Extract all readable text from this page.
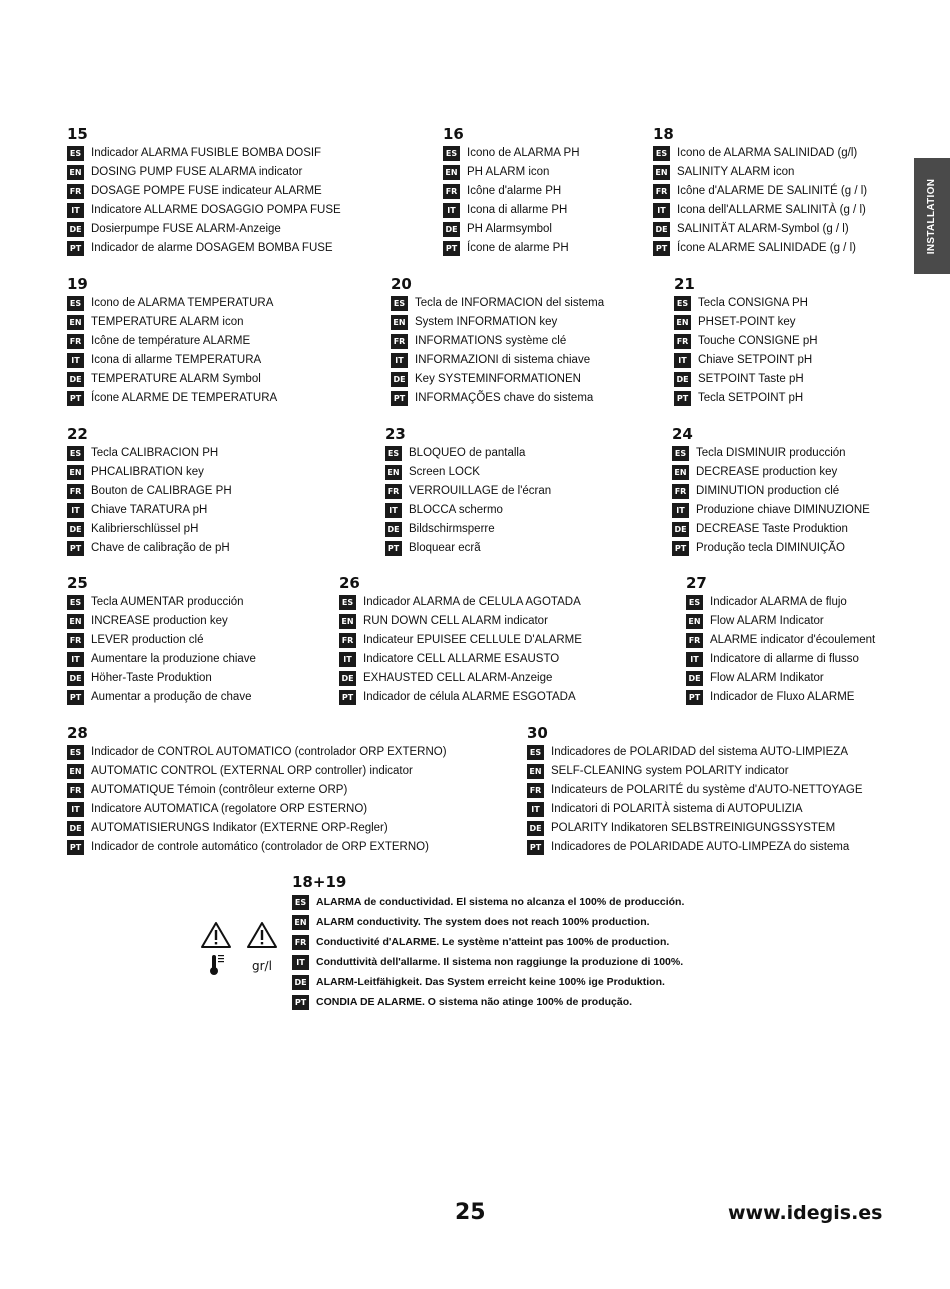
INSTALLATION
15
ES Indicador ALARMA FUSIBLE BOMBA DOSIF
EN DOSING PUMP FUSE ALARMA indicator
FR DOSAGE POMPE FUSE indicateur ALARME
IT Indicatore ALLARME DOSAGGIO POMPA FUSE
DE Dosierpumpe FUSE ALARM-Anzeige
PT Indicador de alarme DOSAGEM BOMBA FUSE
16
ES Icono de ALARMA PH
EN PH ALARM icon
FR Icône d'alarme PH
IT Icona di allarme PH
DE PH Alarmsymbol
PT Ícone de alarme PH
18
ES Icono de ALARMA SALINIDAD (g/l)
EN SALINITY ALARM icon
FR Icône d'ALARME DE SALINITÉ (g / l)
IT Icona dell'ALLARME SALINITÀ (g / l)
DE SALINITÄT ALARM-Symbol (g / l)
PT Ícone ALARME SALINIDADE (g / l)
19
ES Icono de ALARMA TEMPERATURA
EN TEMPERATURE ALARM icon
FR Icône de température ALARME
IT Icona di allarme TEMPERATURA
DE TEMPERATURE ALARM Symbol
PT Ícone ALARME DE TEMPERATURA
20
ES Tecla de INFORMACION del sistema
EN System INFORMATION key
FR INFORMATIONS système clé
IT INFORMAZIONI di sistema chiave
DE Key SYSTEMINFORMATIONEN
PT INFORMAÇÕES chave do sistema
21
ES Tecla CONSIGNA PH
EN PHSET-POINT key
FR Touche CONSIGNE pH
IT Chiave SETPOINT pH
DE SETPOINT Taste pH
PT Tecla SETPOINT pH
22
ES Tecla CALIBRACION PH
EN PHCALIBRATION key
FR Bouton de CALIBRAGE PH
IT Chiave TARATURA pH
DE Kalibrierschlüssel pH
PT Chave de calibração de pH
23
ES BLOQUEO de pantalla
EN Screen LOCK
FR VERROUILLAGE de l'écran
IT BLOCCA schermo
DE Bildschirmsperre
PT Bloquear ecrã
24
ES Tecla DISMINUIR producción
EN DECREASE production key
FR DIMINUTION production clé
IT Produzione chiave DIMINUZIONE
DE DECREASE Taste Produktion
PT Produção tecla DIMINUIÇÃO
25
ES Tecla AUMENTAR producción
EN INCREASE production key
FR LEVER production clé
IT Aumentare la produzione chiave
DE Höher-Taste Produktion
PT Aumentar a produção de chave
26
ES Indicador ALARMA de CELULA AGOTADA
EN RUN DOWN CELL ALARM indicator
FR Indicateur EPUISEE CELLULE D'ALARME
IT Indicatore CELL ALLARME ESAUSTO
DE EXHAUSTED CELL ALARM-Anzeige
PT Indicador de célula ALARME ESGOTADA
27
ES Indicador ALARMA de flujo
EN Flow ALARM Indicator
FR ALARME indicator d'écoulement
IT Indicatore di allarme di flusso
DE Flow ALARM Indikator
PT Indicador de Fluxo ALARME
28
ES Indicador de CONTROL AUTOMATICO (controlador ORP EXTERNO)
EN AUTOMATIC CONTROL (EXTERNAL ORP controller) indicator
FR AUTOMATIQUE Témoin (contrôleur externe ORP)
IT Indicatore AUTOMATICA (regolatore ORP ESTERNO)
DE AUTOMATISIERUNGS Indikator (EXTERNE ORP-Regler)
PT Indicador de controle automático (controlador de ORP EXTERNO)
30
ES Indicadores de POLARIDAD del sistema AUTO-LIMPIEZA
EN SELF-CLEANING system POLARITY indicator
FR Indicateurs de POLARITÉ du système d'AUTO-NETTOYAGE
IT Indicatori di POLARITÀ sistema di AUTOPULIZIA
DE POLARITY Indikatoren SELBSTREINIGUNGSSYSTEM
PT Indicadores de POLARIDADE AUTO-LIMPEZA do sistema
18+19
ES ALARMA de conductividad. El sistema no alcanza el 100% de producción.
EN ALARM conductivity. The system does not reach 100% production.
FR Conductivité d'ALARME. Le système n'atteint pas 100% de production.
IT	Conduttività dell'allarme. Il sistema non raggiunge la produzione di 100%.
DE ALARM-Leitfähigkeit. Das System erreicht keine 100% ige Produktion.
PT CONDIA DE ALARME. O sistema não atinge 100% de produção.
gr/l
25	www.idegis.es
